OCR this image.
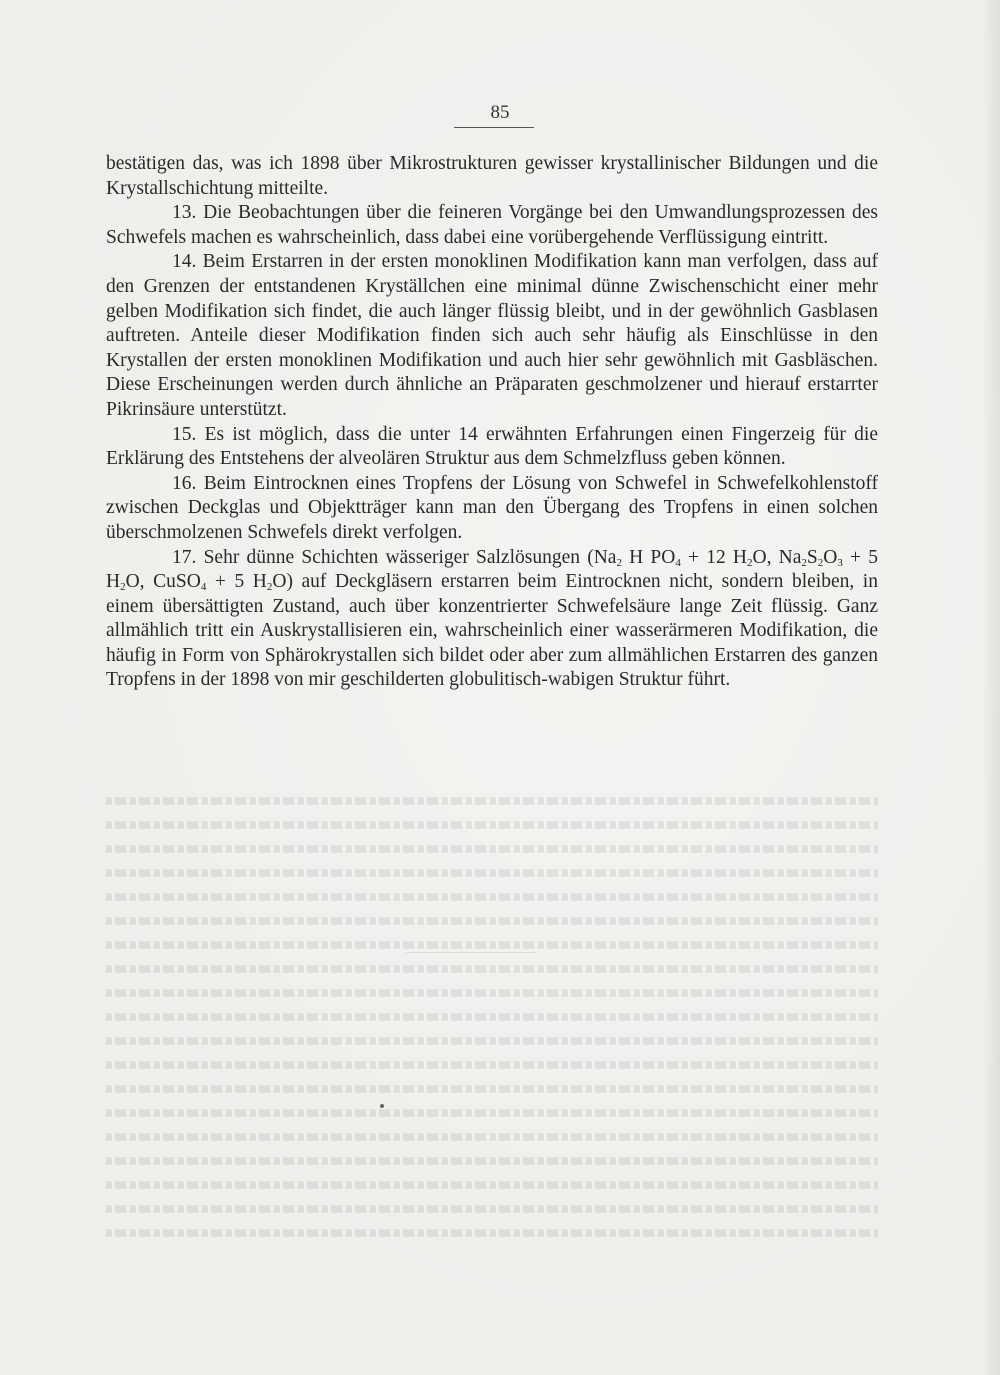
85

bestätigen das, was ich 1898 über Mikrostrukturen gewisser krystallinischer Bildungen und die Krystallschichtung mitteilte.

13. Die Beobachtungen über die feineren Vorgänge bei den Umwandlungsprozessen des Schwefels machen es wahrscheinlich, dass dabei eine vorübergehende Verflüssigung eintritt.

14. Beim Erstarren in der ersten monoklinen Modifikation kann man verfolgen, dass auf den Grenzen der entstandenen Kryställchen eine minimal dünne Zwischenschicht einer mehr gelben Modifikation sich findet, die auch länger flüssig bleibt, und in der gewöhnlich Gasblasen auftreten. Anteile dieser Modifikation finden sich auch sehr häufig als Einschlüsse in den Krystallen der ersten monoklinen Modifikation und auch hier sehr gewöhnlich mit Gasbläschen. Diese Erscheinungen werden durch ähnliche an Präparaten geschmolzener und hierauf erstarrter Pikrinsäure unterstützt.

15. Es ist möglich, dass die unter 14 erwähnten Erfahrungen einen Fingerzeig für die Erklärung des Entstehens der alveolären Struktur aus dem Schmelzfluss geben können.

16. Beim Eintrocknen eines Tropfens der Lösung von Schwefel in Schwefelkohlenstoff zwischen Deckglas und Objektträger kann man den Übergang des Tropfens in einen solchen überschmolzenen Schwefels direkt verfolgen.

17. Sehr dünne Schichten wässeriger Salzlösungen ($Na_2$ H $PO_4 + 12$ $H_2O$, $Na_2S_2O_3 + 5$ $H_2O$, CuSO$_4$ + 5 $H_2O$) auf Deckgläsern erstarren beim Eintrocknen nicht, sondern bleiben, in einem übersättigten Zustand, auch über konzentrierter Schwefelsäure lange Zeit flüssig. Ganz allmählich tritt ein Auskrystallisieren ein, wahrscheinlich einer wasserärmeren Modifikation, die häufig in Form von Sphärokrystallen sich bildet oder aber zum allmählichen Erstarren des ganzen Tropfens in der 1898 von mir geschilderten globulitisch-wabigen Struktur führt.
